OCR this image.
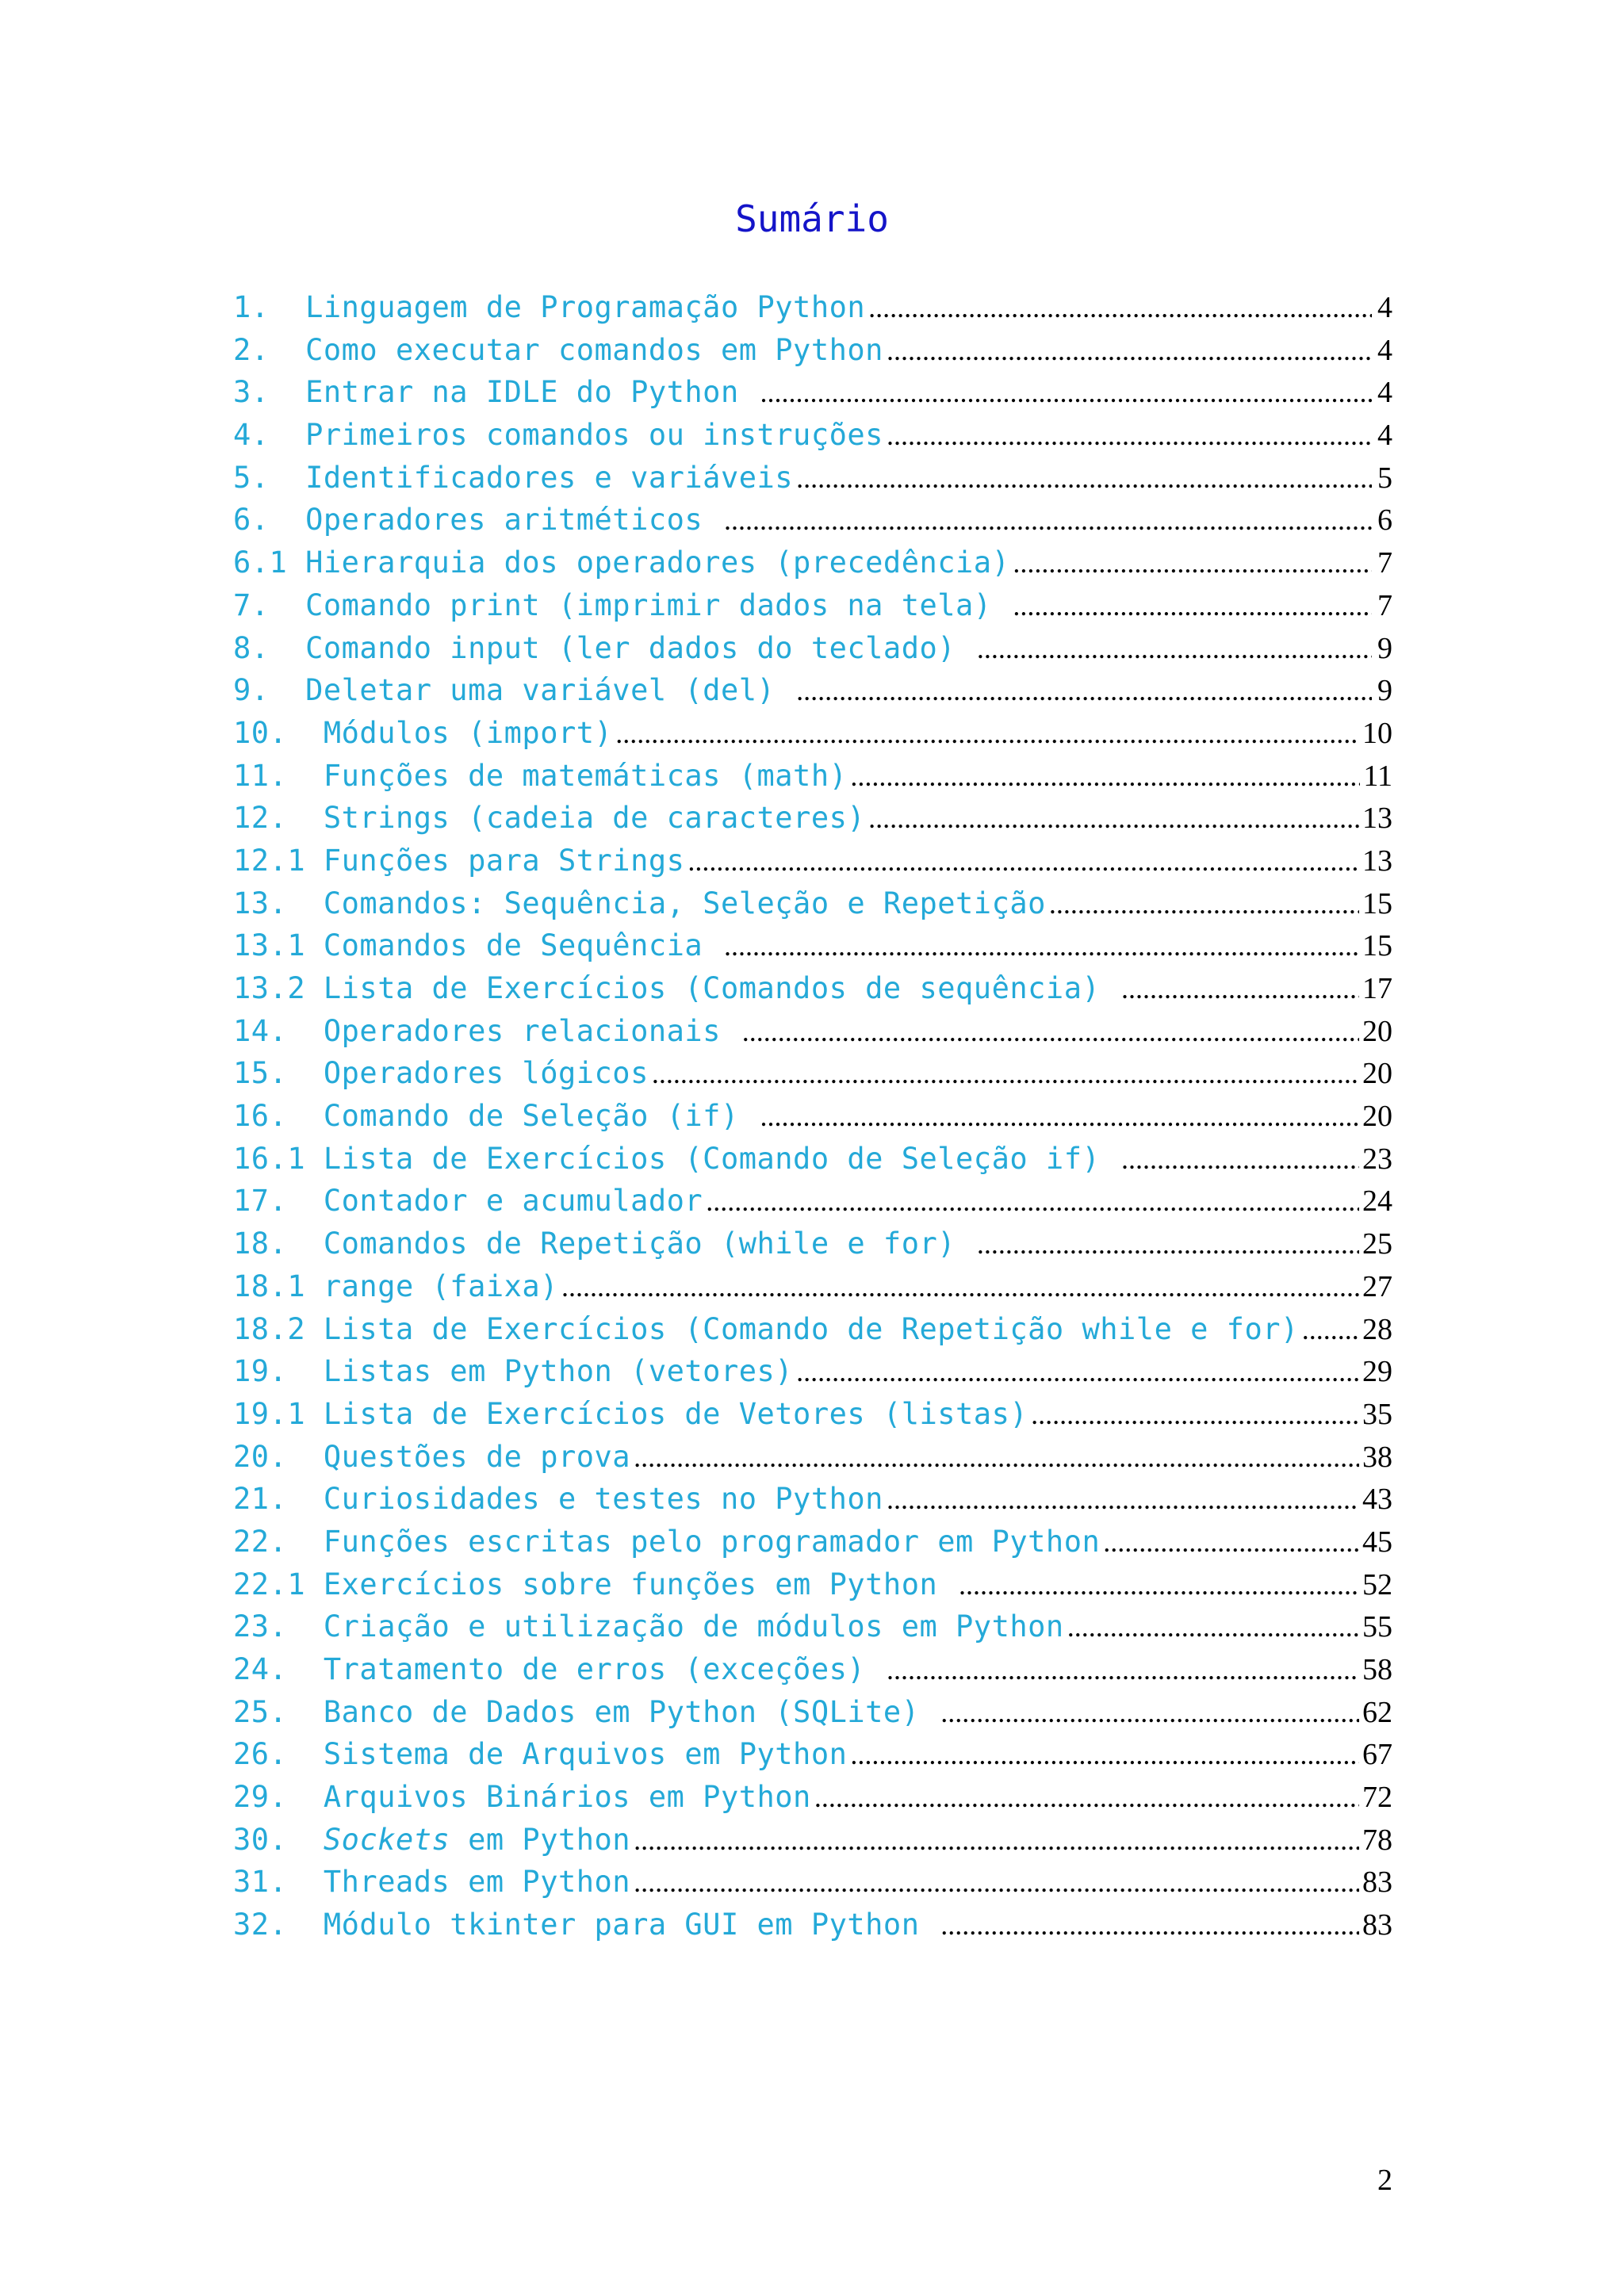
Sumário
1.  Linguagem de Programação Python .....	4
2.  Como executar comandos em Python .....	4
3.  Entrar na IDLE do Python .....	4
4.  Primeiros comandos ou instruções .....	4
5.  Identificadores e variáveis .....	5
6.  Operadores aritméticos .....	6
6.1 Hierarquia dos operadores (precedência) .....	7
7.  Comando print (imprimir dados na tela) .....	7
8.  Comando input (ler dados do teclado) .....	9
9.  Deletar uma variável (del) .....	9
10.  Módulos (import) .....	10
11.  Funções de matemáticas (math) .....	11
12.  Strings (cadeia de caracteres) .....	13
12.1 Funções para Strings .....	13
13.  Comandos: Sequência, Seleção e Repetição .....	15
13.1 Comandos de Sequência .....	15
13.2 Lista de Exercícios (Comandos de sequência) .....	17
14.  Operadores relacionais .....	20
15.  Operadores lógicos .....	20
16.  Comando de Seleção (if) .....	20
16.1 Lista de Exercícios (Comando de Seleção if) .....	23
17.  Contador e acumulador .....	24
18.  Comandos de Repetição (while e for) .....	25
18.1 range (faixa) .....	27
18.2 Lista de Exercícios (Comando de Repetição while e for) ..... 28
19.  Listas em Python (vetores) .....	29
19.1 Lista de Exercícios de Vetores (listas) .....	35
20.  Questões de prova .....	38
21.  Curiosidades e testes no Python .....	43
22.  Funções escritas pelo programador em Python .....	45
22.1 Exercícios sobre funções em Python .....	52
23.  Criação e utilização de módulos em Python .....	55
24.  Tratamento de erros (exceções) .....	58
25.  Banco de Dados em Python (SQLite) .....	62
26.  Sistema de Arquivos em Python .....	67
29.  Arquivos Binários em Python .....	72
30.  Sockets em Python .....	78
31.  Threads em Python .....	83
32.  Módulo tkinter para GUI em Python .....	83
2
